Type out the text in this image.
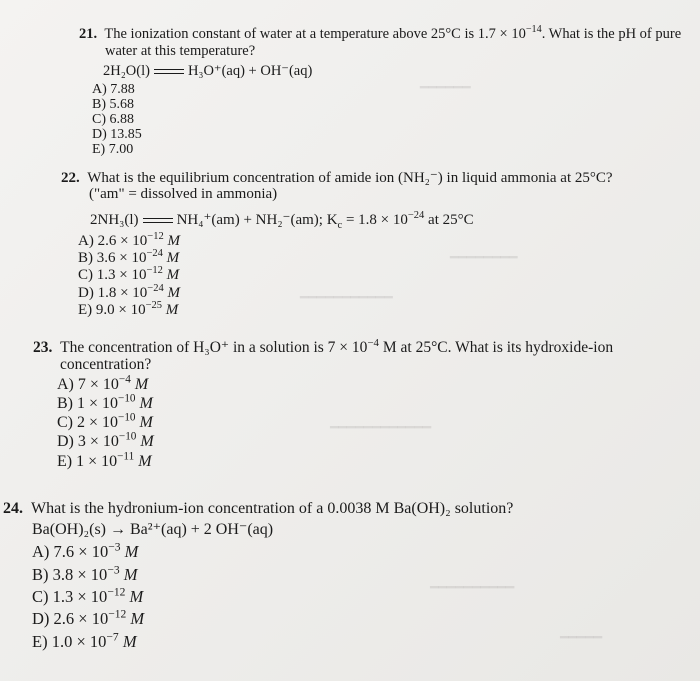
21. The ionization constant of water at a temperature above 25°C is $1.7 \times 10^{-14}$. What is the pH of pure
water at this temperature?
2H₂O(l)	H₃O⁺(aq) + OH⁻(aq)
A) 7.88
B) 5.68
C) 6.88
D) 13.85
E) 7.00
22. What is the equilibrium concentration of amide ion (NH₂⁻) in liquid ammonia at 25°C?
("am" = dissolved in ammonia)
2NH₃(l)	NH₄⁺(am) + NH₂⁻(am); $K_c = 1.8 \times 10^{-24}$ at 25°C
A) $2.6 \times 10^{-12}$ M
B) $3.6 \times 10^{-24}$ M
C) $1.3 \times 10^{-12}$ M
D) $1.8 \times 10^{-24}$ M
E) $9.0 \times 10^{-25}$ M
23. The concentration of H₃O⁺ in a solution is $7 \times 10^{-4}$ M at 25°C. What is its hydroxide-ion
concentration?
A) $7 \times 10^{-4}$ M
B) $1 \times 10^{-10}$ M
C) $2 \times 10^{-10}$ M
D) $3 \times 10^{-10}$ M
E) $1 \times 10^{-11}$ M
24. What is the hydronium-ion concentration of a 0.0038 M Ba(OH)₂ solution?
Ba(OH)₂(s) → Ba²⁺(aq) + 2 OH⁻(aq)
A) $7.6 \times 10^{-3}$ M
B) $3.8 \times 10^{-3}$ M
C) $1.3 \times 10^{-12}$ M
D) $2.6 \times 10^{-12}$ M
E) $1.0 \times 10^{-7}$ M
━━━━━━
━━━━━━━━
━━━━━━━━━━━
━━━━━━━━━━━━
━━━━━━━━━━
━━━━━
